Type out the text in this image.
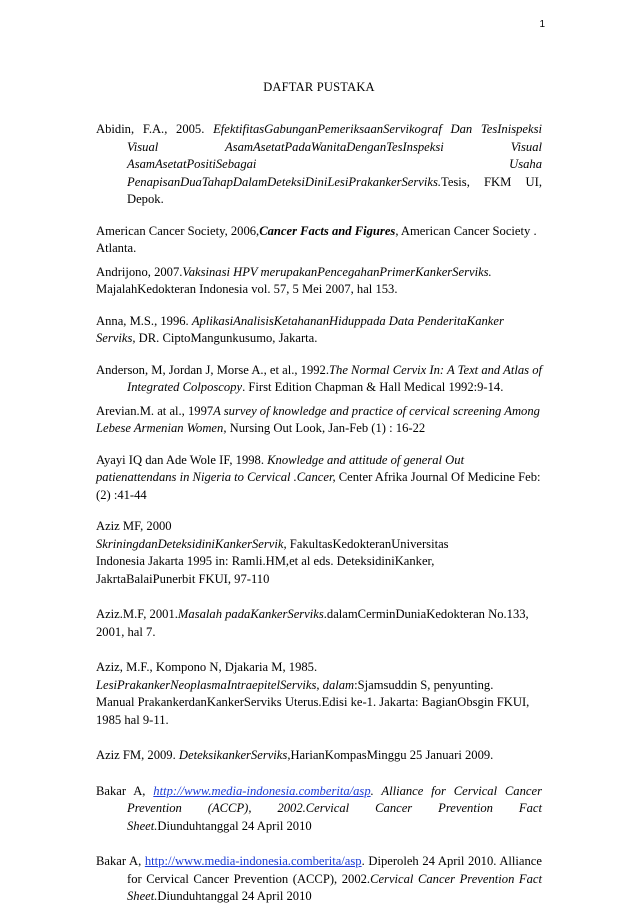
1
DAFTAR PUSTAKA

Abidin, F.A., 2005. EfektifitasGabunganPemeriksaanServikograf Dan TesInispeksi Visual AsamAsetatPadaWanitaDenganTesInspeksi Visual AsamAsetatPositiSebagai Usaha PenapisanDuaTahapDalamDeteksiDiniLesiPrakankerServiks.Tesis, FKM UI, Depok.

American Cancer Society, 2006,Cancer Facts and Figures, American Cancer Society . Atlanta.

Andrijono, 2007.Vaksinasi HPV merupakanPencegahanPrimerKankerServiks. MajalahKedokteran Indonesia vol. 57, 5 Mei 2007, hal 153.

Anna, M.S., 1996. AplikasiAnalisisKetahananHiduppada Data PenderitaKanker Serviks, DR. CiptoMangunkusumo, Jakarta.

Anderson, M, Jordan J, Morse A., et al., 1992.The Normal Cervix In: A Text and Atlas of Integrated Colposcopy. First Edition Chapman & Hall Medical 1992:9-14.

Arevian.M. at al., 1997A survey of knowledge and practice of cervical screening Among Lebese Armenian Women, Nursing Out Look, Jan-Feb (1) : 16-22

Ayayi IQ dan Ade Wole IF, 1998. Knowledge and attitude of general Out patienattendans in Nigeria to Cervical .Cancer, Center Afrika Journal Of Medicine Feb: (2) :41-44

Aziz MF, 2000
SkriningdanDeteksidiniKankerServik, FakultasKedokteranUniversitas
Indonesia Jakarta 1995 in: Ramli.HM,et al eds. DeteksidiniKanker,
JakrtaBalaiPunerbit FKUI, 97-110

Aziz.M.F, 2001.Masalah padaKankerServiks.dalamCerminDuniaKedokteran No.133, 2001, hal 7.

Aziz, M.F., Kompono N, Djakaria M, 1985.
LesiPrakankerNeoplasmaIntraepitelServiks, dalam:Sjamsuddin S, penyunting.
Manual PrakankerdanKankerServiks Uterus.Edisi ke-1. Jakarta: BagianObsgin FKUI, 1985 hal 9-11.

Aziz FM, 2009. DeteksikankerServiks,HarianKompasMinggu 25 Januari 2009.

Bakar A, http://www.media-indonesia.comberita/asp. Alliance for Cervical Cancer Prevention (ACCP), 2002.Cervical Cancer Prevention Fact Sheet.Diunduhtanggal 24 April 2010

Bakar A, http://www.media-indonesia.comberita/asp. Diperoleh 24 April 2010. Alliance for Cervical Cancer Prevention (ACCP), 2002.Cervical Cancer Prevention Fact Sheet.Diunduhtanggal 24 April 2010
